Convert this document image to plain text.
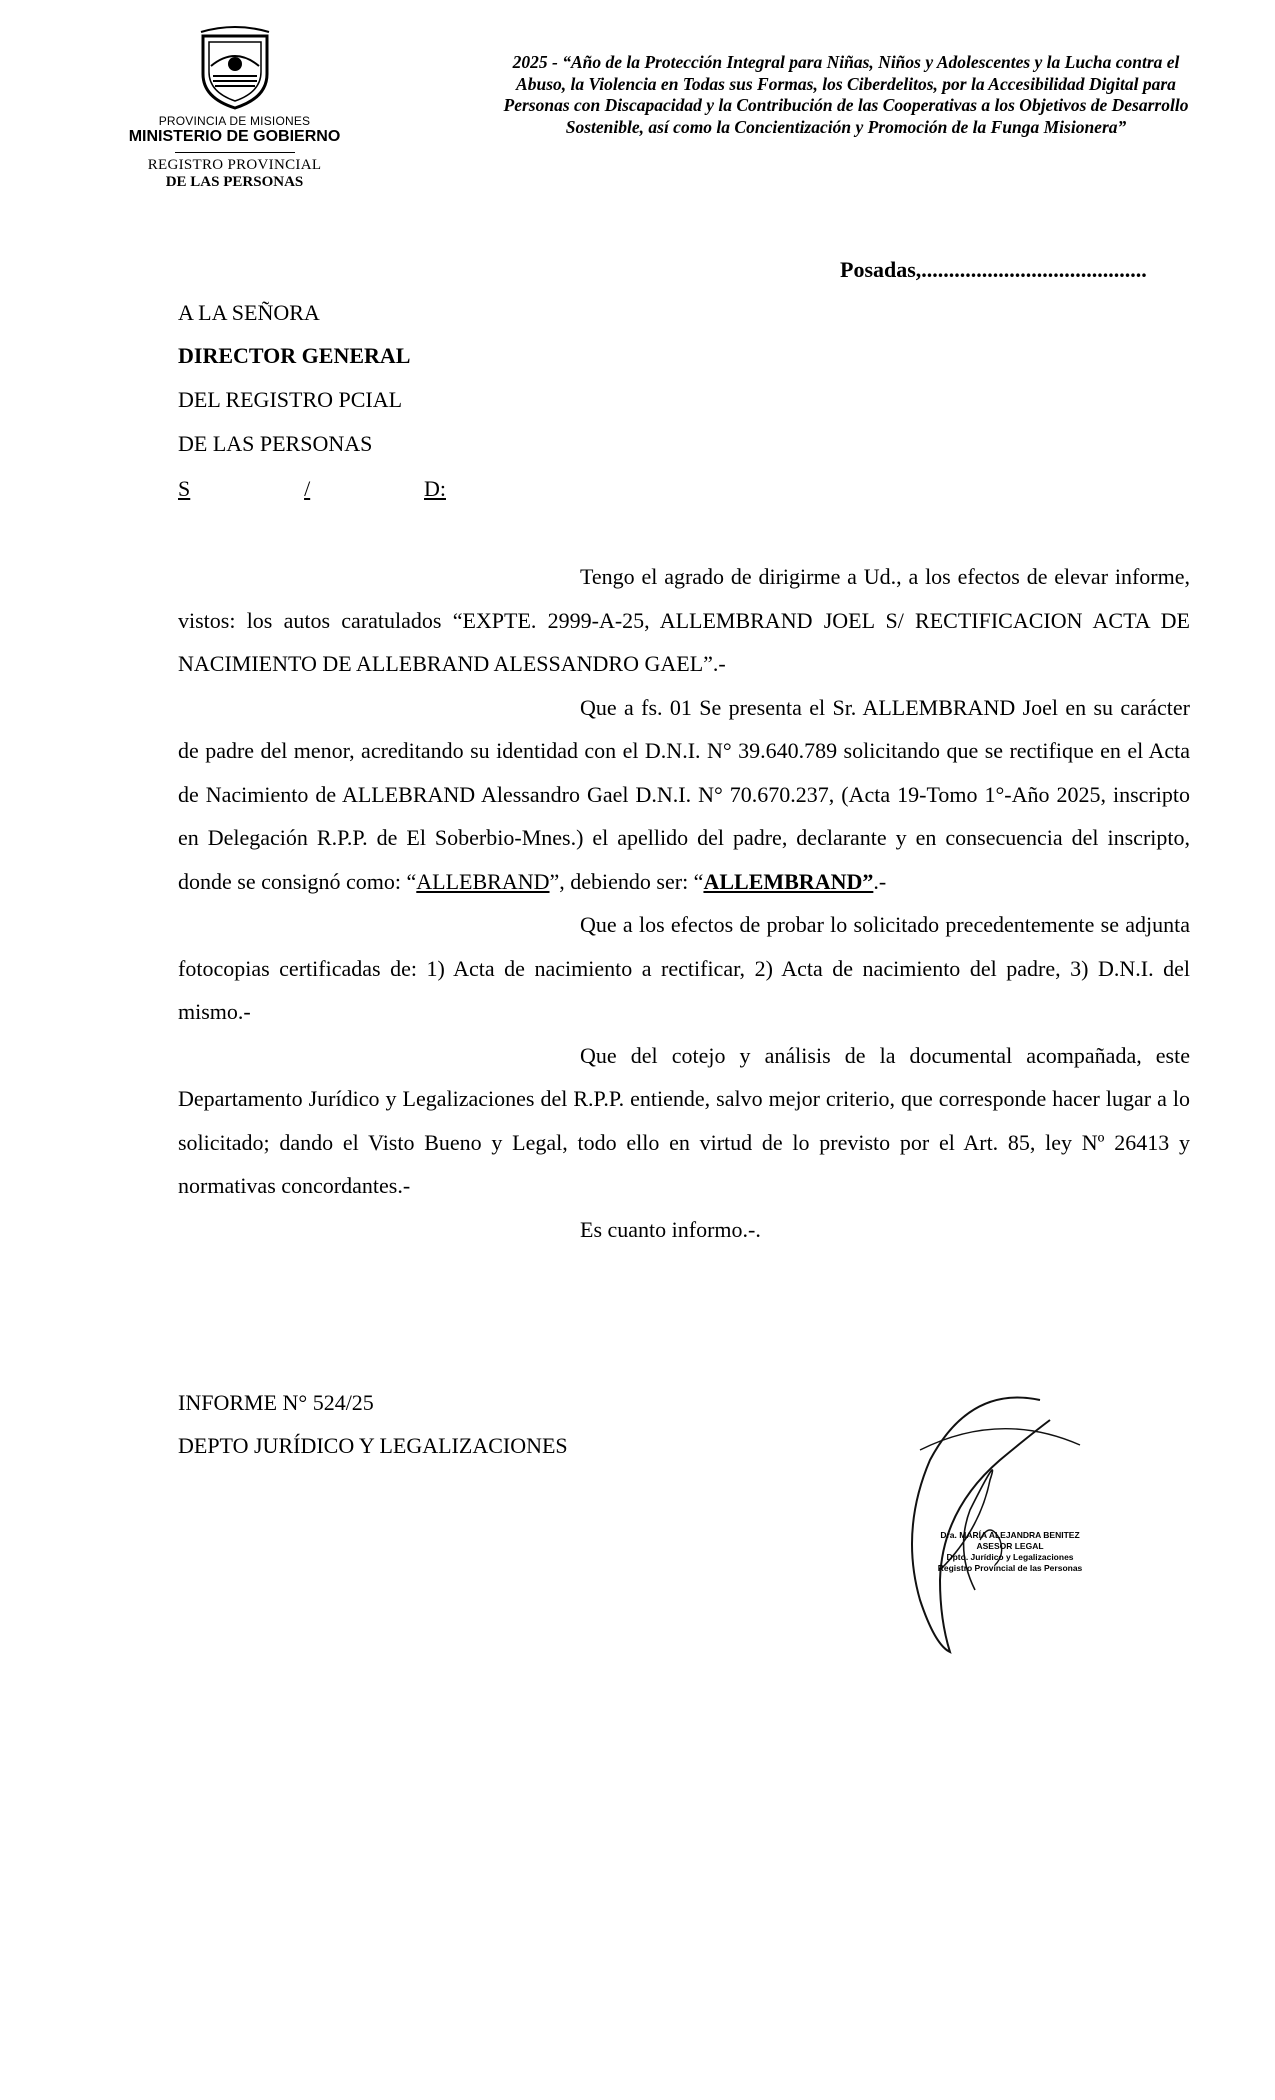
PROVINCIA DE MISIONES
MINISTERIO DE GOBIERNO
REGISTRO PROVINCIAL
DE LAS PERSONAS
2025 - “Año de la Protección Integral para Niñas, Niños y Adolescentes y la Lucha contra el Abuso, la Violencia en Todas sus Formas, los Ciberdelitos, por la Accesibilidad Digital para Personas con Discapacidad y la Contribución de las Cooperativas a los Objetivos de Desarrollo Sostenible, así como la Concientización y Promoción de la Funga Misionera”
Posadas,.........................................
A LA SEÑORA
DIRECTOR GENERAL
DEL REGISTRO PCIAL
DE LAS PERSONAS
S	/	D:

Tengo el agrado de dirigirme a Ud., a los efectos de elevar informe, vistos: los autos caratulados “EXPTE. 2999-A-25, ALLEMBRAND JOEL S/ RECTIFICACION ACTA DE NACIMIENTO DE ALLEBRAND ALESSANDRO GAEL”.-

Que a fs. 01 Se presenta el Sr. ALLEMBRAND Joel en su carácter de padre del menor, acreditando su identidad con el D.N.I. N° 39.640.789 solicitando que se rectifique en el Acta de Nacimiento de ALLEBRAND Alessandro Gael D.N.I. N° 70.670.237, (Acta 19-Tomo 1°-Año 2025, inscripto en Delegación R.P.P. de El Soberbio-Mnes.) el apellido del padre, declarante y en consecuencia del inscripto, donde se consignó como: “ALLEBRAND”, debiendo ser: “ALLEMBRAND”.-

Que a los efectos de probar lo solicitado precedentemente se adjunta fotocopias certificadas de: 1) Acta de nacimiento a rectificar, 2) Acta de nacimiento del padre, 3) D.N.I. del mismo.-

Que del cotejo y análisis de la documental acompañada, este Departamento Jurídico y Legalizaciones del R.P.P. entiende, salvo mejor criterio, que corresponde hacer lugar a lo solicitado; dando el Visto Bueno y Legal, todo ello en virtud de lo previsto por el Art. 85, ley Nº 26413 y normativas concordantes.-

Es cuanto informo.-.

INFORME N° 524/25
DEPTO JURÍDICO Y LEGALIZACIONES
Dra. MARÍA ALEJANDRA BENITEZ
ASESOR LEGAL
Dpto. Jurídico y Legalizaciones
Registro Provincial de las Personas
